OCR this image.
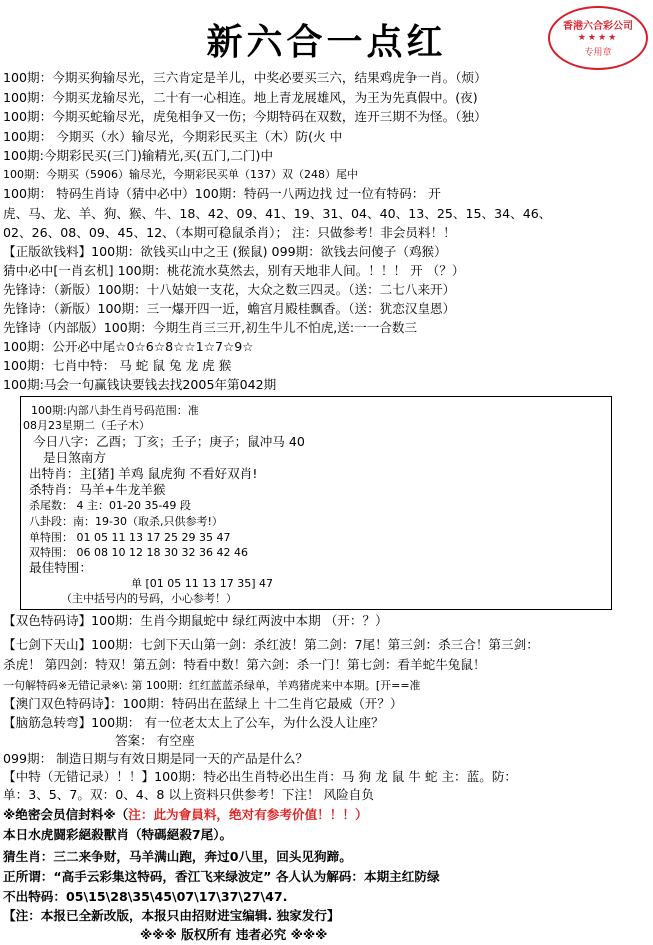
新六合一点红	香港六合彩公司
★★★★
专用章
100期：今期买狗输尽光，三六肯定是羊儿，中奖必要买三六，结果鸡虎争一肖。（烦）
100期：今期买龙输尽光，二十有一心相连。地上青龙展雄风，为王为先真假中。(夜)
100期：今期买蛇输尽光，虎兔相争又一伤；今期特码在双数，连开三期不为怪。（独）
100期： 今期买（水）输尽光，今期彩民买主（木）防(火 中
100期:今期彩民买(三门)输精光,买(五门,二门)中
100期：今期买（5906）输尽光，今期彩民买单（137）双（248）尾中
100期： 特码生肖诗（猜中必中）100期：特码一八两边找 过一位有特码： 开
虎、马、龙、羊、狗、猴、牛、18、42、09、41、19、31、04、40、13、25、15、34、46、
02、26、08、09、45、12、（本期可稳鼠杀肖）； 注：只做参考！非会员料！！
【正版欲钱料】100期：欲钱买山中之王 (猴鼠) 099期：欲钱去问傻子（鸡猴）
猜中必中[一肖玄机] 100期：桃花流水莫然去，别有天地非人间。！！！ 开 （？）
先锋诗：（新版）100期：十八姑娘一支花，大众之数三四灵。（送：二七八来开）
先锋诗：（新版）100期：三一爆开四一近，蟾宫月殿桂飘香。（送：犹恋汉皇恩）
先锋诗（内部版）100期：今期生肖三三开,初生牛儿不怕虎,送:一一合数三
100期：公开必中尾☆0☆6☆8☆☆1☆7☆9☆
100期：七肖中特： 马 蛇 鼠 兔 龙 虎 猴
100期:马会一句赢钱诀要钱去找2005年第042期
100期:内部八卦生肖号码范围：准
08月23星期二（壬子木）
今日八字：乙酉；丁亥；壬子；庚子；鼠冲马 40
是日煞南方
出特肖：主[猪] 羊鸡 鼠虎狗 不看好双肖!
杀特肖：马羊+牛龙羊猴
杀尾数： 4 主：01-20 35-49 段
八卦段：南：19-30（取杀,只供参考!）
单特围： 01 05 11 13 17 25 29 35 47
双特围： 06 08 10 12 18 30 32 36 42 46
最佳特围：
单 [01 05 11 13 17 35] 47
（主中括号内的号码，小心参考！）
【双色特码诗】100期：生肖今期鼠蛇中 绿红两波中本期 （开：？）
【七剑下天山】100期：七剑下天山第一剑：杀红波！第二剑：7尾！第三剑：杀三合！第三剑：
杀虎！ 第四剑：特双！第五剑：特看中数！第六剑：杀一门！第七剑：看羊蛇牛兔鼠！
一句解特码※无错记录※\: 第 100期：红红蓝蓝杀绿单，羊鸡猪虎来中本期。[开==准
【澳门双色特码诗】：100期：特码出在蓝绿上 十二生肖它最威（开？）
【脑筋急转弯】100期： 有一位老太太上了公车，为什么没人让座？
答案： 有空座
099期： 制造日期与有效日期是同一天的产品是什么？
【中特（无错记录）！！】100期：特必出生肖特必出生肖：马 狗 龙 鼠 牛 蛇 主：蓝。防：
单：3、5、7。双：0、4、8 以上资料只供参考！下注！ 风险自负
※绝密会员信封料※（注：此为會員料，绝对有参考价值！！！）
本日水虎闘彩絕殺獸肖（特碼絕殺7尾）。
猜生肖：三二来争财，马羊满山跑，奔过0八里，回头见狗蹄。
正所谓：“高手云彩集这特码，香江飞来绿波定” 各人认为解码：本期主红防绿
不出特码：05\15\28\35\45\07\17\37\27\47.
【注：本报已全新改版，本报只由招财进宝编辑. 独家发行】
※※※ 版权所有 违者必究 ※※※
